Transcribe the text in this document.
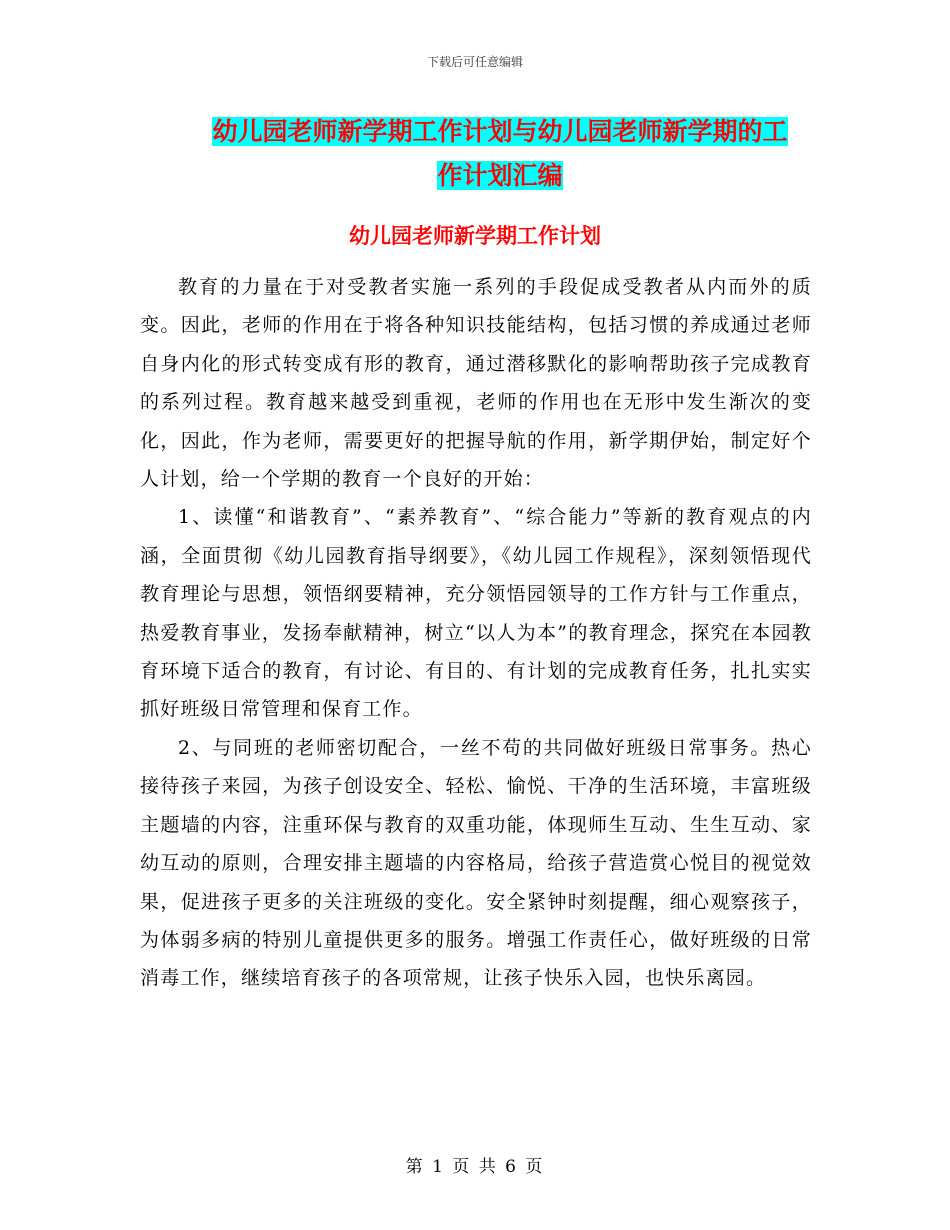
下载后可任意编辑
幼儿园老师新学期工作计划与幼儿园老师新学期的工
作计划汇编
幼儿园老师新学期工作计划

教育的力量在于对受教者实施一系列的手段促成受教者从内而外的质变。因此，老师的作用在于将各种知识技能结构，包括习惯的养成通过老师自身内化的形式转变成有形的教育，通过潜移默化的影响帮助孩子完成教育的系列过程。教育越来越受到重视，老师的作用也在无形中发生渐次的变化，因此，作为老师，需要更好的把握导航的作用，新学期伊始，制定好个人计划，给一个学期的教育一个良好的开始：

1、读懂“和谐教育”、“素养教育”、“综合能力”等新的教育观点的内涵，全面贯彻《幼儿园教育指导纲要》，《幼儿园工作规程》，深刻领悟现代教育理论与思想，领悟纲要精神，充分领悟园领导的工作方针与工作重点，热爱教育事业，发扬奉献精神，树立“以人为本”的教育理念，探究在本园教育环境下适合的教育，有讨论、有目的、有计划的完成教育任务，扎扎实实抓好班级日常管理和保育工作。

2、与同班的老师密切配合，一丝不苟的共同做好班级日常事务。热心接待孩子来园，为孩子创设安全、轻松、愉悦、干净的生活环境，丰富班级主题墙的内容，注重环保与教育的双重功能，体现师生互动、生生互动、家幼互动的原则，合理安排主题墙的内容格局，给孩子营造赏心悦目的视觉效果，促进孩子更多的关注班级的变化。安全紧钟时刻提醒，细心观察孩子，为体弱多病的特别儿童提供更多的服务。增强工作责任心，做好班级的日常消毒工作，继续培育孩子的各项常规，让孩子快乐入园，也快乐离园。

第 1 页 共 6 页
